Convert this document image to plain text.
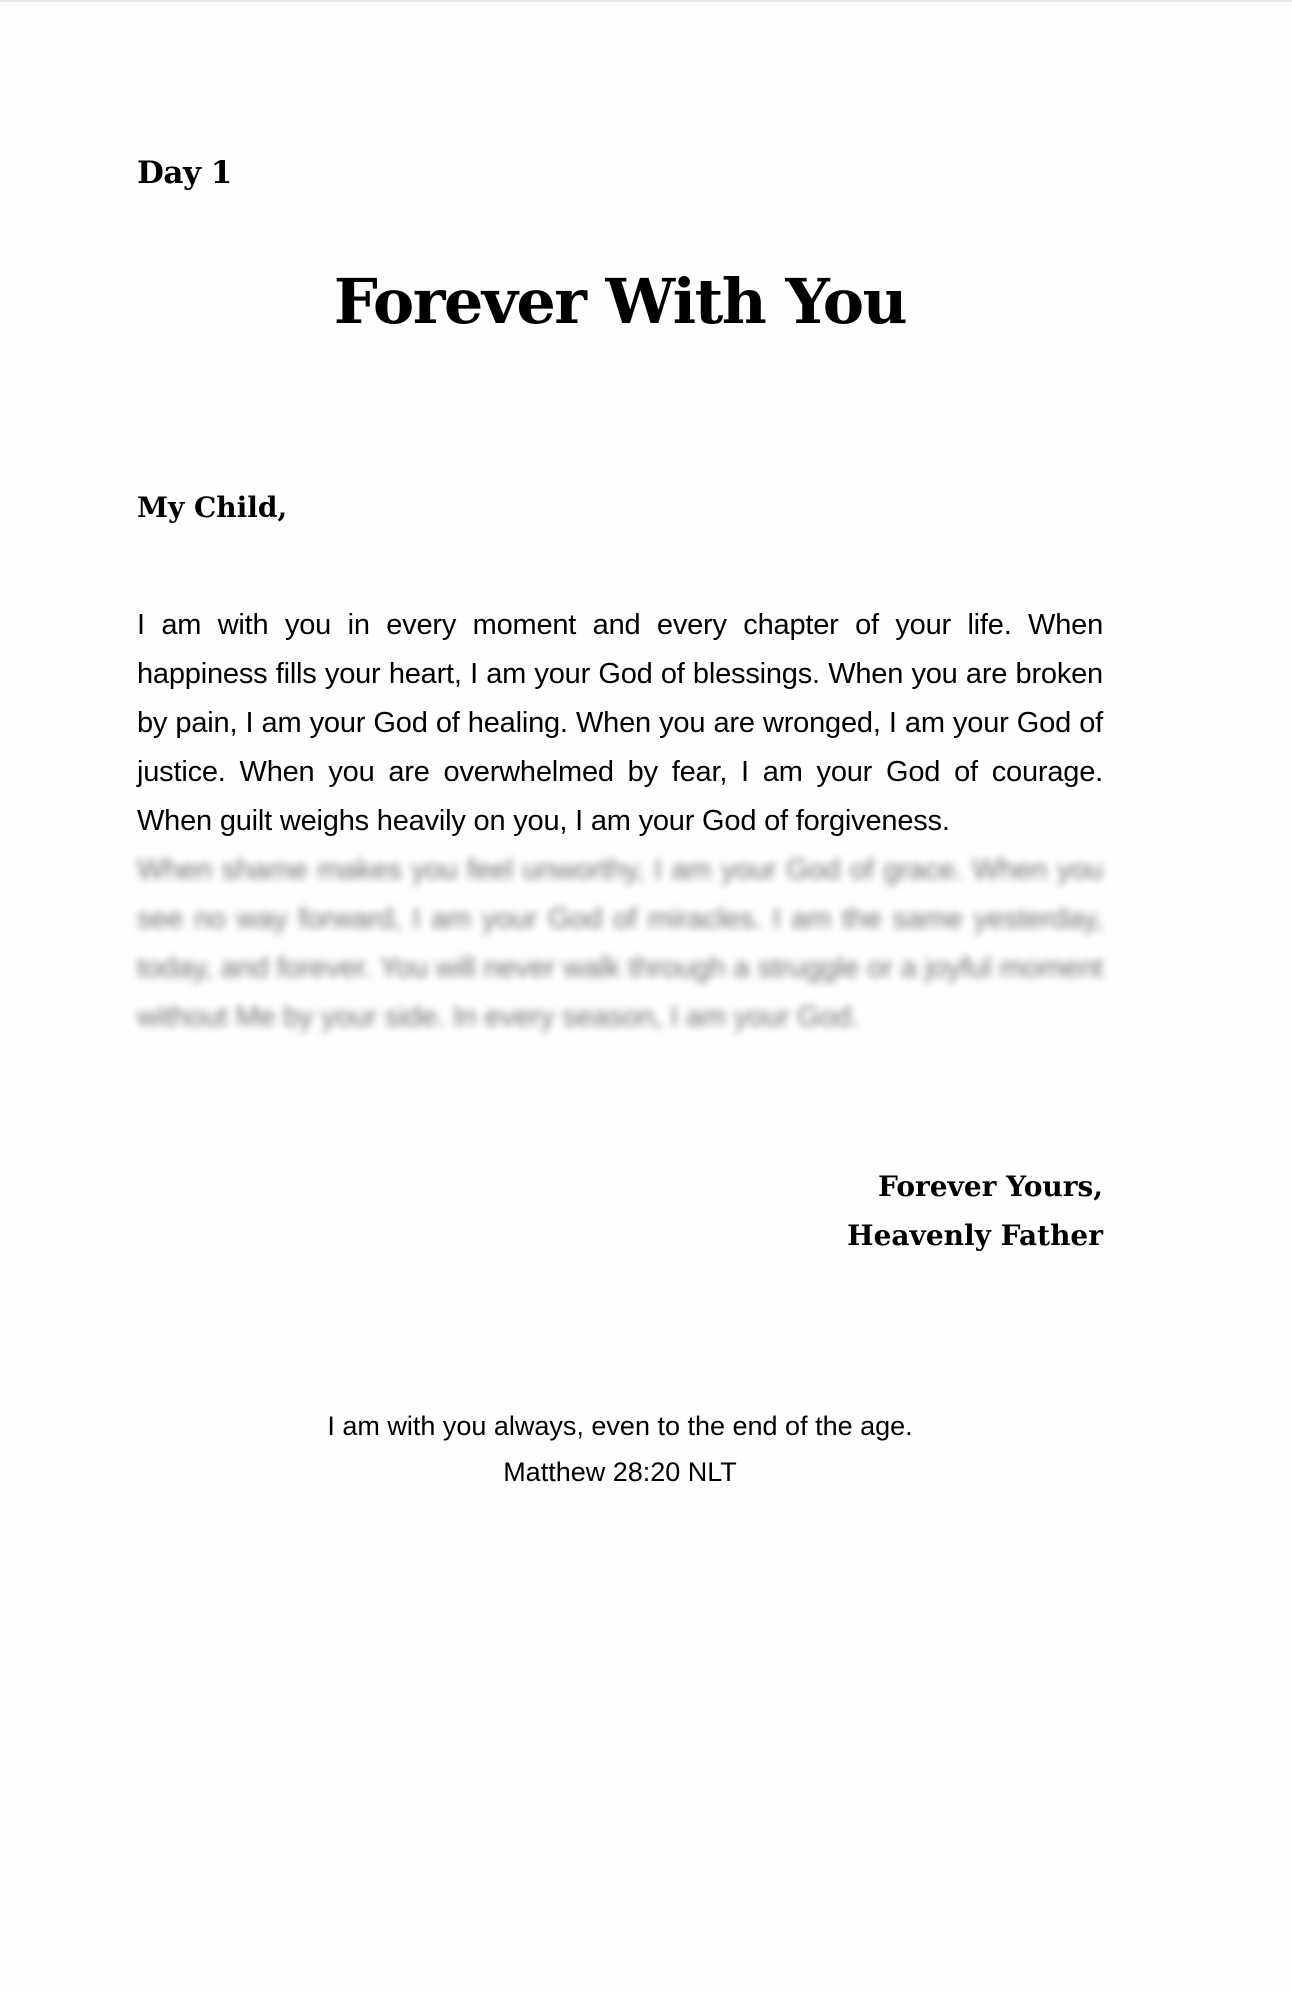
Day 1
Forever With You

My Child,

I am with you in every moment and every chapter of your life. When happiness fills your heart, I am your God of blessings. When you are broken by pain, I am your God of healing. When you are wronged, I am your God of justice. When you are overwhelmed by fear, I am your God of courage. When guilt weighs heavily on you, I am your God of forgiveness.

When shame makes you feel unworthy, I am your God of grace. When you see no way forward, I am your God of miracles. I am the same yesterday, today, and forever. You will never walk through a struggle or a joyful moment without Me by your side. In every season, I am your God.

Forever Yours,
Heavenly Father
I am with you always, even to the end of the age.
Matthew 28:20 NLT
